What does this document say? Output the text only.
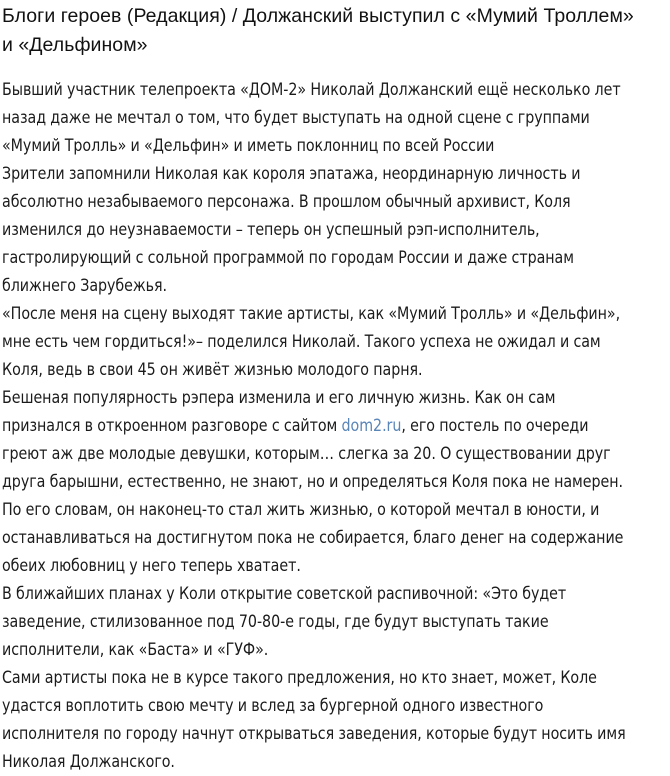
Блоги героев (Редакция) / Должанский выступил с «Мумий Троллем» и «Дельфином»

Бывший участник телепроекта «ДОМ-2» Николай Должанский ещё несколько лет назад даже не мечтал о том, что будет выступать на одной сцене с группами «Мумий Тролль» и «Дельфин» и иметь поклонниц по всей России

Зрители запомнили Николая как короля эпатажа, неординарную личность и абсолютно незабываемого персонажа. В прошлом обычный архивист, Коля изменился до неузнаваемости – теперь он успешный рэп-исполнитель, гастролирующий с сольной программой по городам России и даже странам ближнего Зарубежья.

«После меня на сцену выходят такие артисты, как «Мумий Тролль» и «Дельфин», мне есть чем гордиться!»– поделился Николай. Такого успеха не ожидал и сам Коля, ведь в свои 45 он живёт жизнью молодого парня.

Бешеная популярность рэпера изменила и его личную жизнь. Как он сам признался в откроенном разговоре с сайтом dom2.ru, его постель по очереди греют аж две молодые девушки, которым… слегка за 20. О существовании друг друга барышни, естественно, не знают, но и определяться Коля пока не намерен.

По его словам, он наконец-то стал жить жизнью, о которой мечтал в юности, и останавливаться на достигнутом пока не собирается, благо денег на содержание обеих любовниц у него теперь хватает.

В ближайших планах у Коли открытие советской распивочной: «Это будет заведение, стилизованное под 70-80-е годы, где будут выступать такие исполнители, как «Баста» и «ГУФ».

Сами артисты пока не в курсе такого предложения, но кто знает, может, Коле удастся воплотить свою мечту и вслед за бургерной одного известного исполнителя по городу начнут открываться заведения, которые будут носить имя Николая Должанского.
